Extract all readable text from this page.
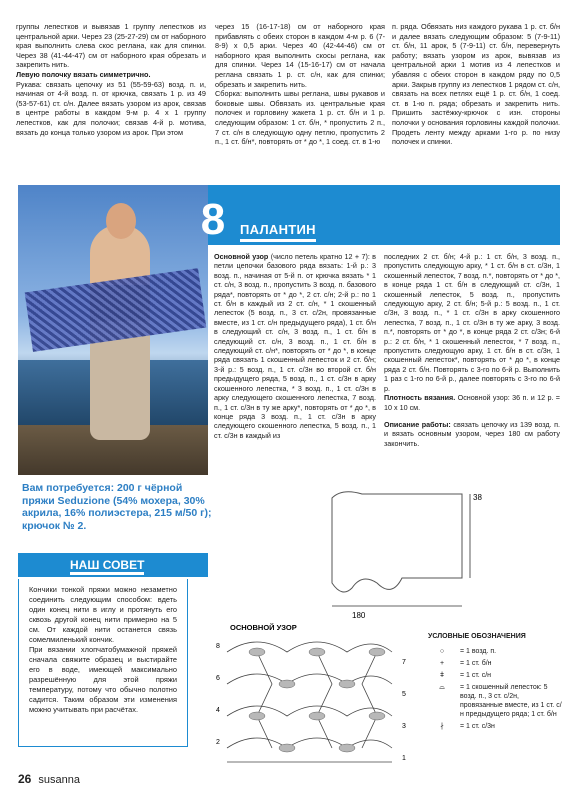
группы лепестков и вывязав 1 группу лепестков из центральной арки. Через 23 (25-27-29) см от наборного края выполнить слева скос реглана, как для спинки. Через 38 (41-44-47) см от наборного края обрезать и закрепить нить.

Левую полочку вязать симметрично.

Рукава: связать цепочку из 51 (55-59-63) возд. п. и, начиная от 4-й возд. п. от крючка, связать 1 р. из 49 (53-57-61) ст. с/н. Далее вязать узором из арок, связав в центре работы в каждом 9-м р. 4 х 1 группу лепестков, как для полочки; связав 4-й р. мотива, вязать до конца только узором из арок. При этом

через 15 (16-17-18) см от наборного края прибавлять с обеих сторон в каждом 4-м р. 6 (7-8-9) х 0,5 арки. Через 40 (42-44-46) см от наборного края выполнить скосы реглана, как для спинки. Через 14 (15-16-17) см от начала реглана связать 1 р. ст. с/н, как для спинки; обрезать и закрепить нить.

Сборка: выполнить швы реглана, швы рукавов и боковые швы. Обвязать из. центральные края полочек и горловину жакета 1 р. ст. б/н и 1 р. следующим образом: 1 ст. б/н, * пропустить 2 п., 7 ст. с/н в следующую одну петлю, пропустить 2 п., 1 ст. б/н*, повторять от * до *, 1 соед. ст. в 1-ю

п. ряда. Обвязать низ каждого рукава 1 р. ст. б/н и далее вязать следующим образом: 5 (7-9-11) ст. б/н, 11 арок, 5 (7-9-11) ст. б/н, перевернуть работу; вязать узором из арок, вывязав из центральной арки 1 мотив из 4 лепестков и убавляя с обеих сторон в каждом ряду по 0,5 арки. Закрыв группу из лепестков 1 рядом ст. с/н, связать на всех петлях ещё 1 р. ст. б/н, 1 соед. ст. в 1-ю п. ряда; обрезать и закрепить нить. Пришить застёжку-крючок с изн. стороны полочки у основания горловины каждой полочки. Продеть ленту между арками 1-го р. по низу полочек и спинки.

8	ПАЛАНТИН

Основной узор (число петель кратно 12 + 7): в петли цепочки базового ряда вязать: 1-й р.: 3 возд. п., начиная от 5-й п. от крючка вязать * 1 ст. с/н, 3 возд. п., пропустить 3 возд. п. базового ряда*, повторять от * до *, 2 ст. с/н; 2-й р.: по 1 ст. б/н в каждый из 2 ст. с/н, * 1 скошенный лепесток (5 возд. п., 3 ст. с/2н, провязанные вместе, из 1 ст. с/н предыдущего ряда), 1 ст. б/н в следующий ст. с/н, 3 возд. п., 1 ст. б/н в следующий ст. с/н, 3 возд. п., 1 ст. б/н в следующий ст. с/н*, повторять от * до *, в конце ряда связать 1 скошенный лепесток и 2 ст. б/н; 3-й р.: 5 возд. п., 1 ст. с/3н во второй ст. б/н предыдущего ряда, 5 возд. п., 1 ст. с/3н в арку скошенного лепестка, * 3 возд. п., 1 ст. с/3н в арку следующего скошенного лепестка, 7 возд. п., 1 ст. с/3н в ту же арку*, повторять от * до *, в конце ряда 3 возд. п., 1 ст. с/3н в арку следующего скошенного лепестка, 5 возд. п., 1 ст. с/3н в каждый из

последних 2 ст. б/н; 4-й р.: 1 ст. б/н, 3 возд. п., пропустить следующую арку, * 1 ст. б/н в ст. с/3н, 1 скошенный лепесток, 7 возд. п.*, повторять от * до *, в конце ряда 1 ст. б/н в следующий ст. с/3н, 1 скошенный лепесток, 5 возд. п., пропустить следующую арку, 2 ст. б/н; 5-й р.: 5 возд. п., 1 ст. с/3н, 3 возд. п., * 1 ст. с/3н в арку скошенного лепестка, 7 возд. п., 1 ст. с/3н в ту же арку, 3 возд. п.*, повторять от * до *, в конце ряда 2 ст. с/3н; 6-й р.: 2 ст. б/н, * 1 скошенный лепесток, * 7 возд. п., пропустить следующую арку, 1 ст. б/н в ст. с/3н, 1 скошенный лепесток*, повторять от * до *, в конце ряда 2 ст. б/н. Повторять с 3-го по 6-й р. Выполнить 1 раз с 1-го по 6-й р., далее повторять с 3-го по 6-й р.

Плотность вязания. Основной узор: 36 п. и 12 р. = 10 х 10 см.

Описание работы: связать цепочку из 139 возд. п. и вязать основным узором, через 180 см работу закончить.

Вам потребуется: 200 г чёрной пряжи Seduzione (54% мохера, 30% акрила, 16% полиэстера, 215 м/50 г); крючок № 2.
НАШ СОВЕТ

Кончики тонкой пряжи можно незаметно соединить следующим способом: вдеть один конец нити в иглу и протянуть его сквозь другой конец нити примерно на 5 см. От каждой нити останется связь сомелмиленький кончик.

При вязании хлопчатобумажной пряжей сначала свяжите образец и выстирайте его в воде, имеющей максимально разрешённую для этой пряжи температуру, потому что обычно полотно садится. Таким образом эти изменения можно учитывать при расчётах.

38
180
ОСНОВНОЙ УЗОР
8
6
4
2
7
5
3
1
УСЛОВНЫЕ ОБОЗНАЧЕНИЯ
○	= 1 возд. п.
+	= 1 ст. б/н
ǂ	= 1 ст. с/н
⌓	= 1 скошенный лепесток: 5 возд. п., 3 ст. с/2н, провязанные вместе, из 1 ст. с/н предыдущего ряда; 1 ст. б/н
∤	= 1 ст. с/3н
26 susanna
